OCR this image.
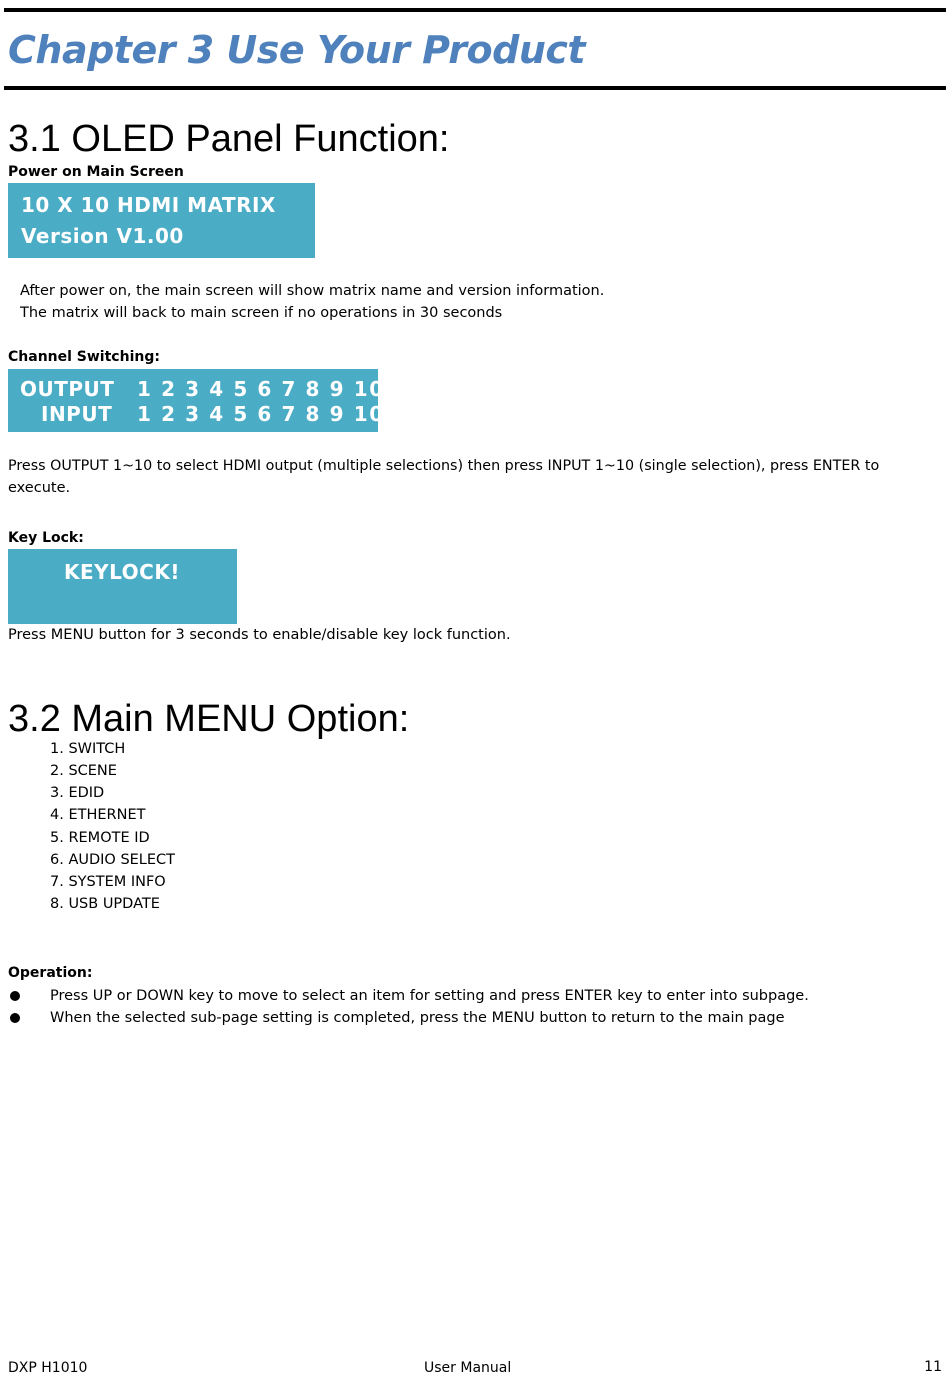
Chapter 3 Use Your Product
3.1 OLED Panel Function:
Power on Main Screen
10 X 10 HDMI MATRIX
Version V1.00
After power on, the main screen will show matrix name and version information.
The matrix will back to main screen if no operations in 30 seconds
Channel Switching:
OUTPUT 1 2 3 4 5 6 7 8 9 10
INPUT 1 2 3 4 5 6 7 8 9 10
Press OUTPUT 1~10 to select HDMI output (multiple selections) then press INPUT 1~10 (single selection), press ENTER to
execute.
Key Lock:
KEYLOCK!
Press MENU button for 3 seconds to enable/disable key lock function.
3.2 Main MENU Option:
1. SWITCH
2. SCENE
3. EDID
4. ETHERNET
5. REMOTE ID
6. AUDIO SELECT
7. SYSTEM INFO
8. USB UPDATE
Operation:
Press UP or DOWN key to move to select an item for setting and press ENTER key to enter into subpage.
When the selected sub-page setting is completed, press the MENU button to return to the main page
DXP H1010	User Manual	11
